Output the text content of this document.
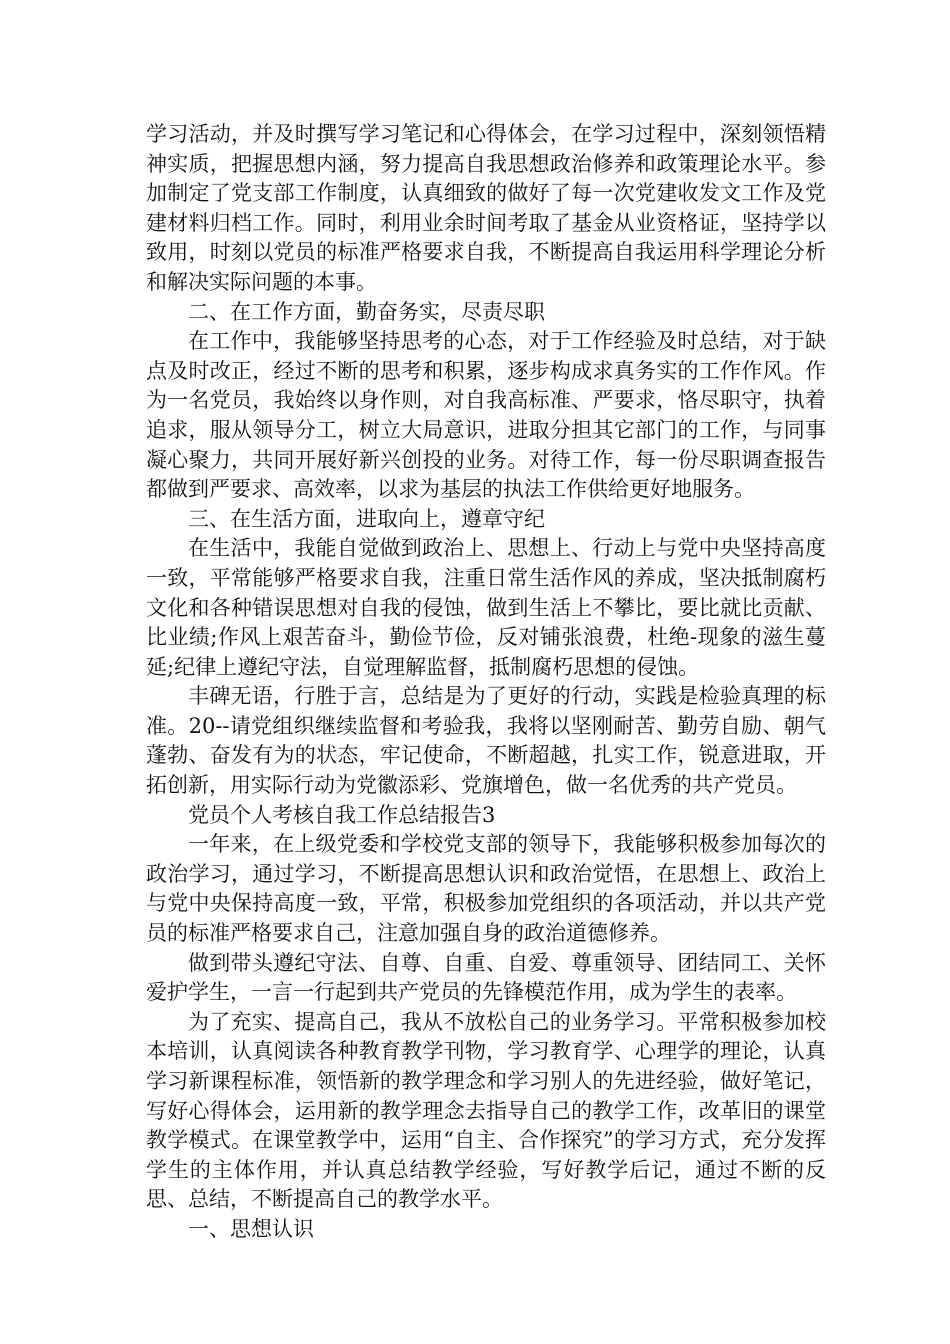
学习活动，并及时撰写学习笔记和心得体会，在学习过程中，深刻领悟精神实质，把握思想内涵，努力提高自我思想政治修养和政策理论水平。参加制定了党支部工作制度，认真细致的做好了每一次党建收发文工作及党建材料归档工作。同时，利用业余时间考取了基金从业资格证，坚持学以致用，时刻以党员的标准严格要求自我，不断提高自我运用科学理论分析和解决实际问题的本事。

二、在工作方面，勤奋务实，尽责尽职

在工作中，我能够坚持思考的心态，对于工作经验及时总结，对于缺点及时改正，经过不断的思考和积累，逐步构成求真务实的工作作风。作为一名党员，我始终以身作则，对自我高标准、严要求，恪尽职守，执着追求，服从领导分工，树立大局意识，进取分担其它部门的工作，与同事凝心聚力，共同开展好新兴创投的业务。对待工作，每一份尽职调查报告都做到严要求、高效率，以求为基层的执法工作供给更好地服务。

三、在生活方面，进取向上，遵章守纪

在生活中，我能自觉做到政治上、思想上、行动上与党中央坚持高度一致，平常能够严格要求自我，注重日常生活作风的养成，坚决抵制腐朽文化和各种错误思想对自我的侵蚀，做到生活上不攀比，要比就比贡献、比业绩;作风上艰苦奋斗，勤俭节俭，反对铺张浪费，杜绝-现象的滋生蔓延;纪律上遵纪守法，自觉理解监督，抵制腐朽思想的侵蚀。

丰碑无语，行胜于言，总结是为了更好的行动，实践是检验真理的标准。20--请党组织继续监督和考验我，我将以坚刚耐苦、勤劳自励、朝气蓬勃、奋发有为的状态，牢记使命，不断超越，扎实工作，锐意进取，开拓创新，用实际行动为党徽添彩、党旗增色，做一名优秀的共产党员。

党员个人考核自我工作总结报告3

一年来，在上级党委和学校党支部的领导下，我能够积极参加每次的政治学习，通过学习，不断提高思想认识和政治觉悟，在思想上、政治上与党中央保持高度一致，平常，积极参加党组织的各项活动，并以共产党员的标准严格要求自己，注意加强自身的政治道德修养。

做到带头遵纪守法、自尊、自重、自爱、尊重领导、团结同工、关怀爱护学生，一言一行起到共产党员的先锋模范作用，成为学生的表率。

为了充实、提高自己，我从不放松自己的业务学习。平常积极参加校本培训，认真阅读各种教育教学刊物，学习教育学、心理学的理论，认真学习新课程标准，领悟新的教学理念和学习别人的先进经验，做好笔记，写好心得体会，运用新的教学理念去指导自己的教学工作，改革旧的课堂教学模式。在课堂教学中，运用“自主、合作探究”的学习方式，充分发挥学生的主体作用，并认真总结教学经验，写好教学后记，通过不断的反思、总结，不断提高自己的教学水平。

一、思想认识
